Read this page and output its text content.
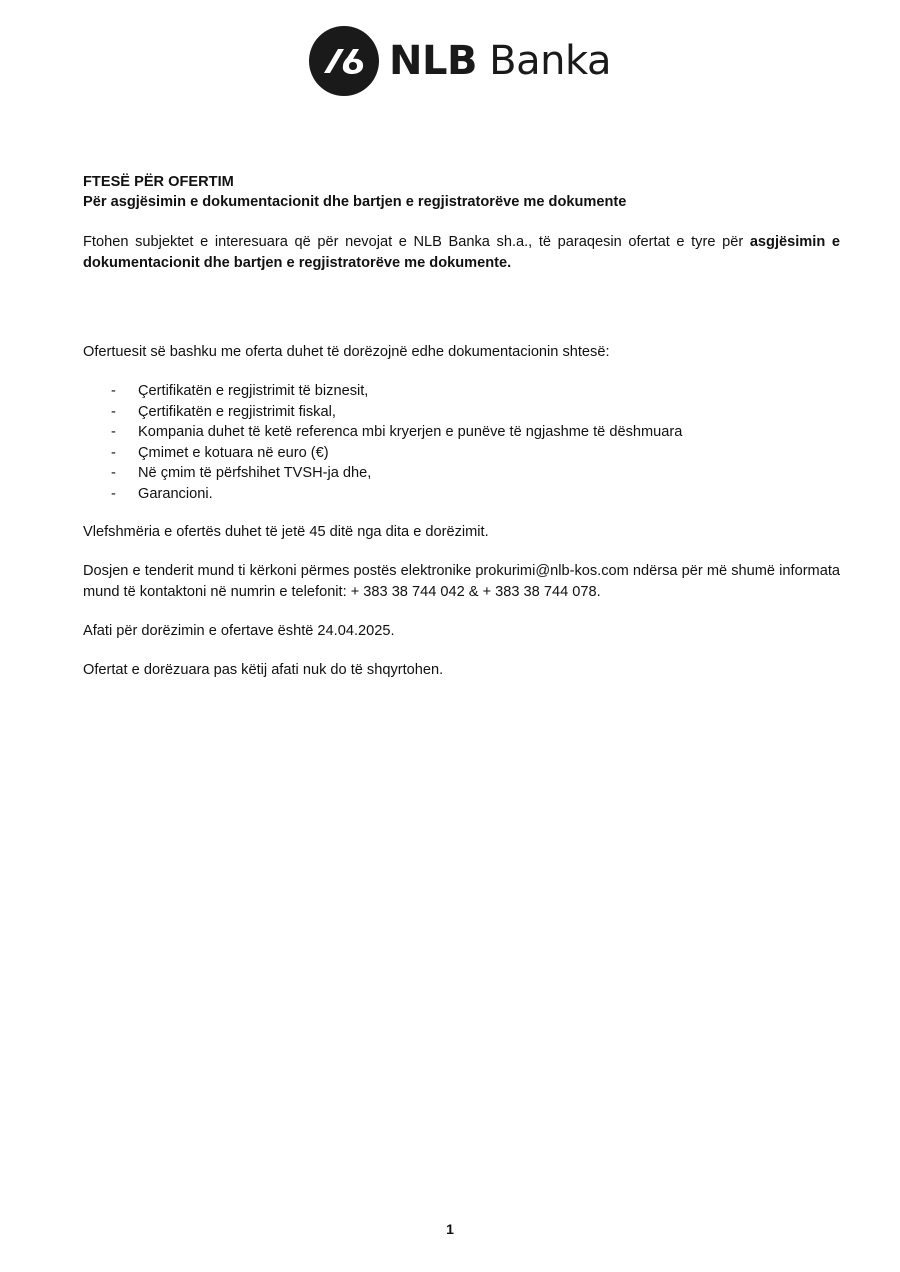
NLB Banka

FTESË PËR OFERTIM

Për asgjësimin e dokumentacionit dhe bartjen e regjistratorëve me dokumente

Ftohen subjektet e interesuara që për nevojat e NLB Banka sh.a., të paraqesin ofertat e tyre për asgjësimin e dokumentacionit dhe bartjen e regjistratorëve me dokumente.

Ofertuesit së bashku me oferta duhet të dorëzojnë edhe dokumentacionin shtesë:

- Çertifikatën e regjistrimit të biznesit,
- Çertifikatën e regjistrimit fiskal,
- Kompania duhet të ketë referenca mbi kryerjen e punëve të ngjashme të dëshmuara
- Çmimet e kotuara në euro (€)
- Në çmim të përfshihet TVSH-ja dhe,
- Garancioni.

Vlefshmëria e ofertës duhet të jetë 45 ditë nga dita e dorëzimit.

Dosjen e tenderit mund ti kërkoni përmes postës elektronike prokurimi@nlb-kos.com ndërsa për më shumë informata mund të kontaktoni në numrin e telefonit: + 383 38 744 042 & + 383 38 744 078.

Afati për dorëzimin e ofertave është 24.04.2025.

Ofertat e dorëzuara pas këtij afati nuk do të shqyrtohen.

1
